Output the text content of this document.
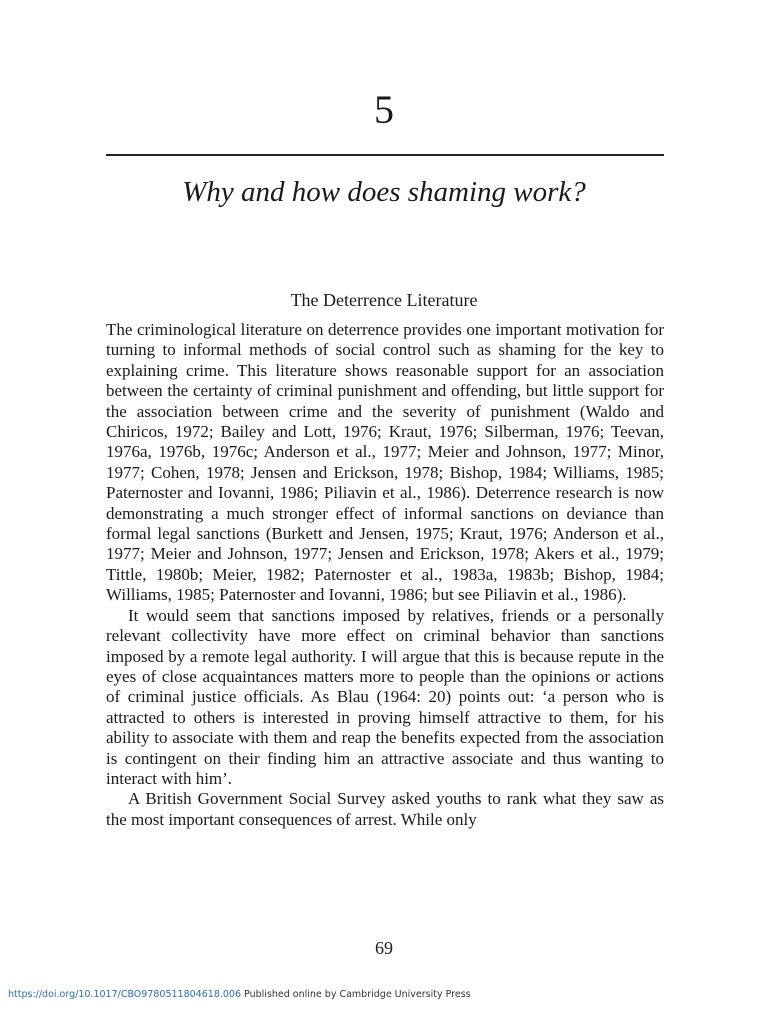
5
Why and how does shaming work?
The Deterrence Literature

The criminological literature on deterrence provides one important motivation for turning to informal methods of social control such as shaming for the key to explaining crime. This literature shows reasonable support for an association between the certainty of criminal punishment and offending, but little support for the association between crime and the severity of punishment (Waldo and Chiricos, 1972; Bailey and Lott, 1976; Kraut, 1976; Silberman, 1976; Teevan, 1976a, 1976b, 1976c; Anderson et al., 1977; Meier and Johnson, 1977; Minor, 1977; Cohen, 1978; Jensen and Erickson, 1978; Bishop, 1984; Williams, 1985; Paternoster and Iovanni, 1986; Piliavin et al., 1986). Deterrence research is now demonstrating a much stronger effect of informal sanctions on deviance than formal legal sanctions (Burkett and Jensen, 1975; Kraut, 1976; Anderson et al., 1977; Meier and Johnson, 1977; Jensen and Erickson, 1978; Akers et al., 1979; Tittle, 1980b; Meier, 1982; Paternoster et al., 1983a, 1983b; Bishop, 1984; Williams, 1985; Paternoster and Iovanni, 1986; but see Piliavin et al., 1986).

It would seem that sanctions imposed by relatives, friends or a personally relevant collectivity have more effect on criminal behavior than sanctions imposed by a remote legal authority. I will argue that this is because repute in the eyes of close acquaintances matters more to people than the opinions or actions of criminal justice officials. As Blau (1964: 20) points out: ‘a person who is attracted to others is interested in proving himself attractive to them, for his ability to associate with them and reap the benefits expected from the association is contingent on their finding him an attractive associate and thus wanting to interact with him’.

A British Government Social Survey asked youths to rank what they saw as the most important consequences of arrest. While only

69
https://doi.org/10.1017/CBO9780511804618.006 Published online by Cambridge University Press
